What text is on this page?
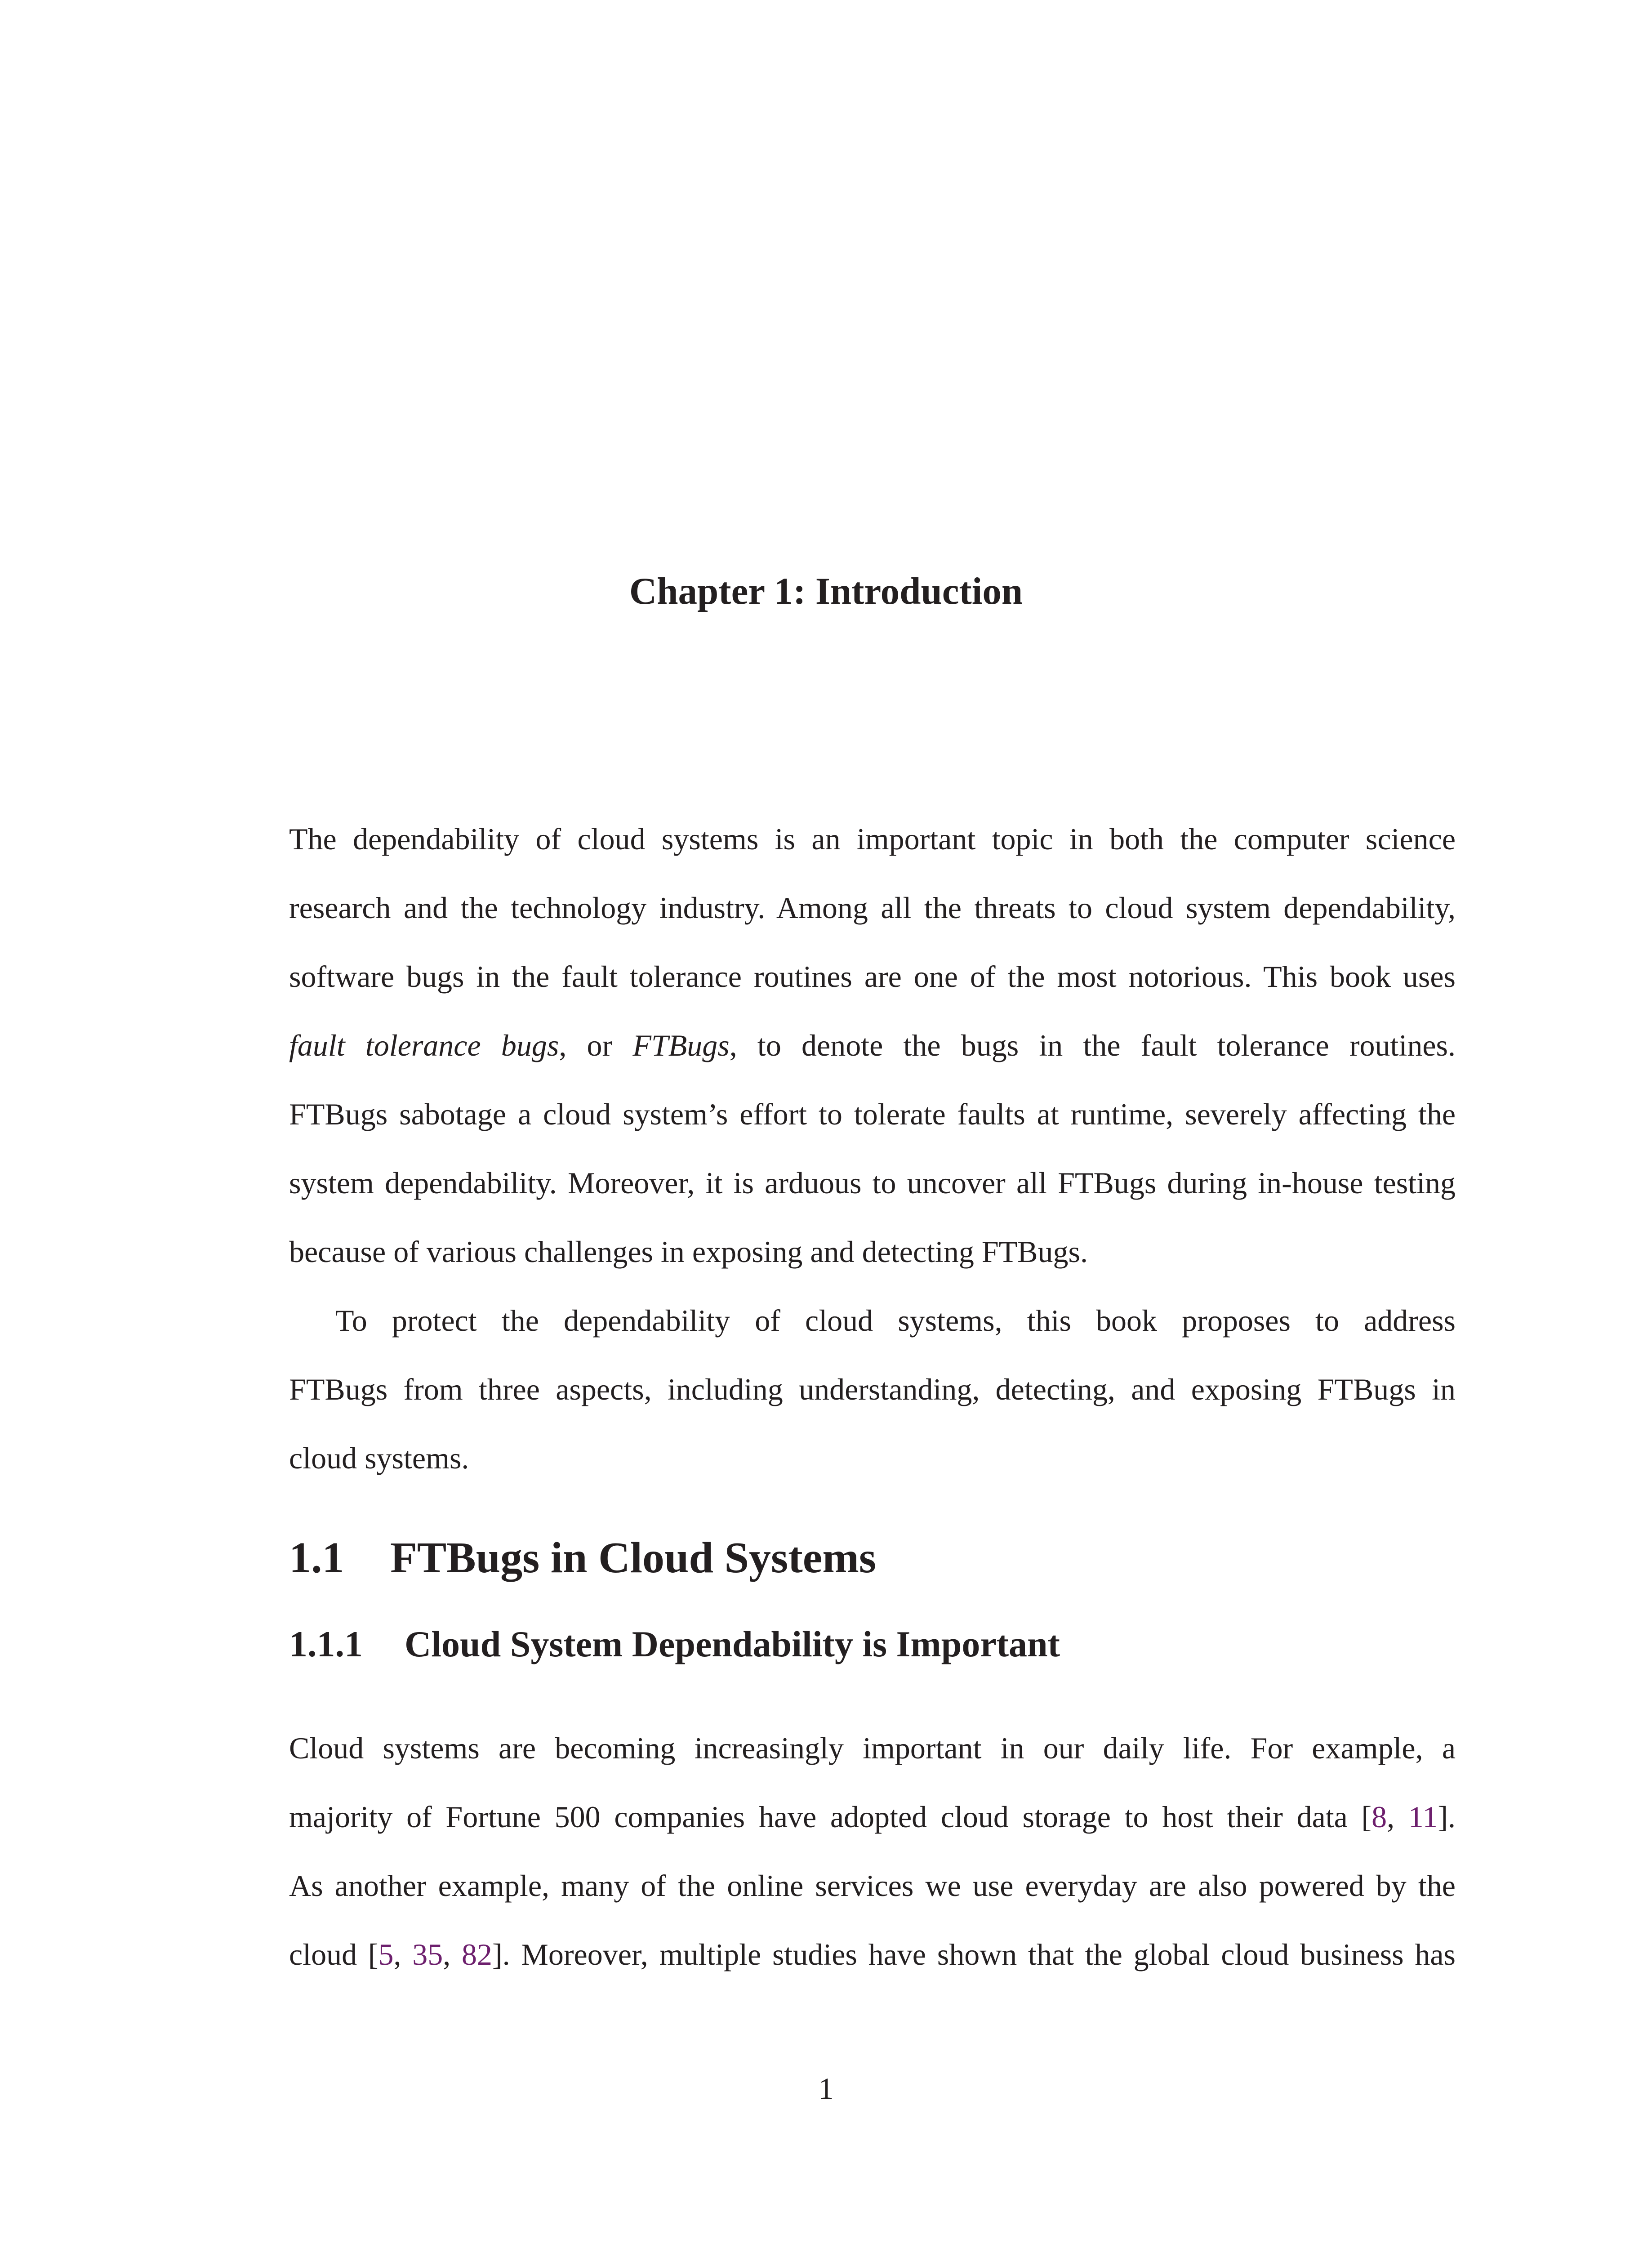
Chapter 1: Introduction

The dependability of cloud systems is an important topic in both the computer science
research and the technology industry. Among all the threats to cloud system dependability,
software bugs in the fault tolerance routines are one of the most notorious. This book uses
fault tolerance bugs, or FTBugs, to denote the bugs in the fault tolerance routines.
FTBugs sabotage a cloud system’s effort to tolerate faults at runtime, severely affecting the
system dependability. Moreover, it is arduous to uncover all FTBugs during in-house testing
because of various challenges in exposing and detecting FTBugs.

To protect the dependability of cloud systems, this book proposes to address
FTBugs from three aspects, including understanding, detecting, and exposing FTBugs in
cloud systems.

1.1 FTBugs in Cloud Systems
1.1.1 Cloud System Dependability is Important

Cloud systems are becoming increasingly important in our daily life. For example, a
majority of Fortune 500 companies have adopted cloud storage to host their data [8, 11].
As another example, many of the online services we use everyday are also powered by the
cloud [5, 35, 82]. Moreover, multiple studies have shown that the global cloud business has

1
